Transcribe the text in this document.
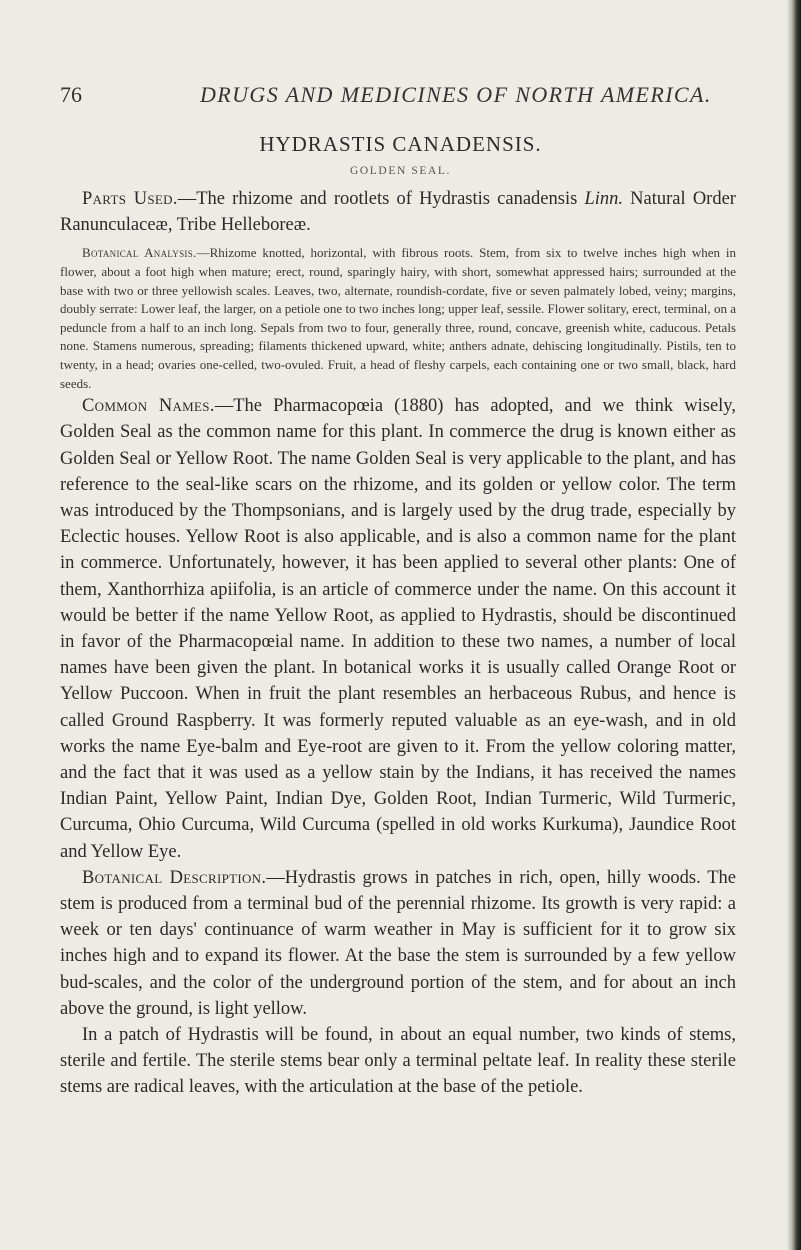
76	DRUGS AND MEDICINES OF NORTH AMERICA.
HYDRASTIS CANADENSIS.
GOLDEN SEAL.

Parts Used.—The rhizome and rootlets of Hydrastis canadensis Linn. Natural Order Ranunculaceæ, Tribe Helleboreæ.

Botanical Analysis.—Rhizome knotted, horizontal, with fibrous roots. Stem, from six to twelve inches high when in flower, about a foot high when mature; erect, round, sparingly hairy, with short, somewhat appressed hairs; surrounded at the base with two or three yellowish scales. Leaves, two, alternate, roundish-cordate, five or seven palmately lobed, veiny; margins, doubly serrate: Lower leaf, the larger, on a petiole one to two inches long; upper leaf, sessile. Flower solitary, erect, terminal, on a peduncle from a half to an inch long. Sepals from two to four, generally three, round, concave, greenish white, caducous. Petals none. Stamens numerous, spreading; filaments thickened upward, white; anthers adnate, dehiscing longitudinally. Pistils, ten to twenty, in a head; ovaries one-celled, two-ovuled. Fruit, a head of fleshy carpels, each containing one or two small, black, hard seeds.

Common Names.—The Pharmacopœia (1880) has adopted, and we think wisely, Golden Seal as the common name for this plant. In commerce the drug is known either as Golden Seal or Yellow Root. The name Golden Seal is very applicable to the plant, and has reference to the seal-like scars on the rhizome, and its golden or yellow color. The term was introduced by the Thompsonians, and is largely used by the drug trade, especially by Eclectic houses. Yellow Root is also applicable, and is also a common name for the plant in commerce. Unfortunately, however, it has been applied to several other plants: One of them, Xanthorrhiza apiifolia, is an article of commerce under the name. On this account it would be better if the name Yellow Root, as applied to Hydrastis, should be discontinued in favor of the Pharmacopœial name. In addition to these two names, a number of local names have been given the plant. In botanical works it is usually called Orange Root or Yellow Puccoon. When in fruit the plant resembles an herbaceous Rubus, and hence is called Ground Raspberry. It was formerly reputed valuable as an eye-wash, and in old works the name Eye-balm and Eye-root are given to it. From the yellow coloring matter, and the fact that it was used as a yellow stain by the Indians, it has received the names Indian Paint, Yellow Paint, Indian Dye, Golden Root, Indian Turmeric, Wild Turmeric, Curcuma, Ohio Curcuma, Wild Curcuma (spelled in old works Kurkuma), Jaundice Root and Yellow Eye.

Botanical Description.—Hydrastis grows in patches in rich, open, hilly woods. The stem is produced from a terminal bud of the perennial rhizome. Its growth is very rapid: a week or ten days' continuance of warm weather in May is sufficient for it to grow six inches high and to expand its flower. At the base the stem is surrounded by a few yellow bud-scales, and the color of the underground portion of the stem, and for about an inch above the ground, is light yellow.

In a patch of Hydrastis will be found, in about an equal number, two kinds of stems, sterile and fertile. The sterile stems bear only a terminal peltate leaf. In reality these sterile stems are radical leaves, with the articulation at the base of the petiole.
